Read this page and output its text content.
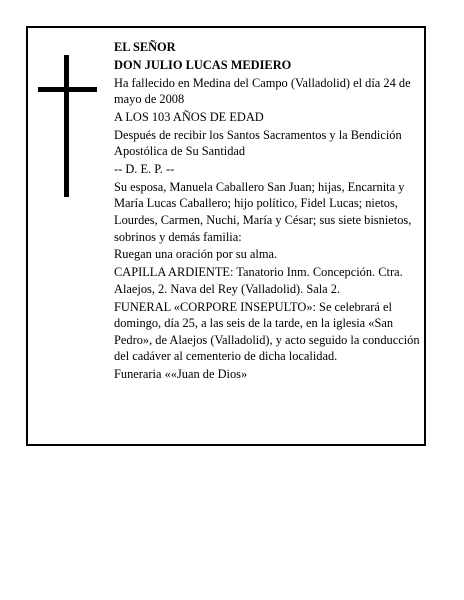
EL SEÑOR

DON JULIO LUCAS MEDIERO

Ha fallecido en Medina del Campo (Valladolid) el día 24 de mayo de 2008

A LOS 103 AÑOS DE EDAD

Después de recibir los Santos Sacramentos y la Bendición Apostólica de Su Santidad

-- D. E. P. --

Su esposa, Manuela Caballero San Juan; hijas, Encarnita y María Lucas Caballero; hijo político, Fidel Lucas; nietos, Lourdes, Carmen, Nuchi, María y César; sus siete bisnietos, sobrinos y demás familia:

Ruegan una oración por su alma.

CAPILLA ARDIENTE: Tanatorio Inm. Concepción. Ctra. Alaejos, 2. Nava del Rey (Valladolid). Sala 2.

FUNERAL «CORPORE INSEPULTO»: Se celebrará el domingo, día 25, a las seis de la tarde, en la iglesia «San Pedro», de Alaejos (Valladolid), y acto seguido la conducción del cadáver al cementerio de dicha localidad.

Funeraria ««Juan de Dios»
